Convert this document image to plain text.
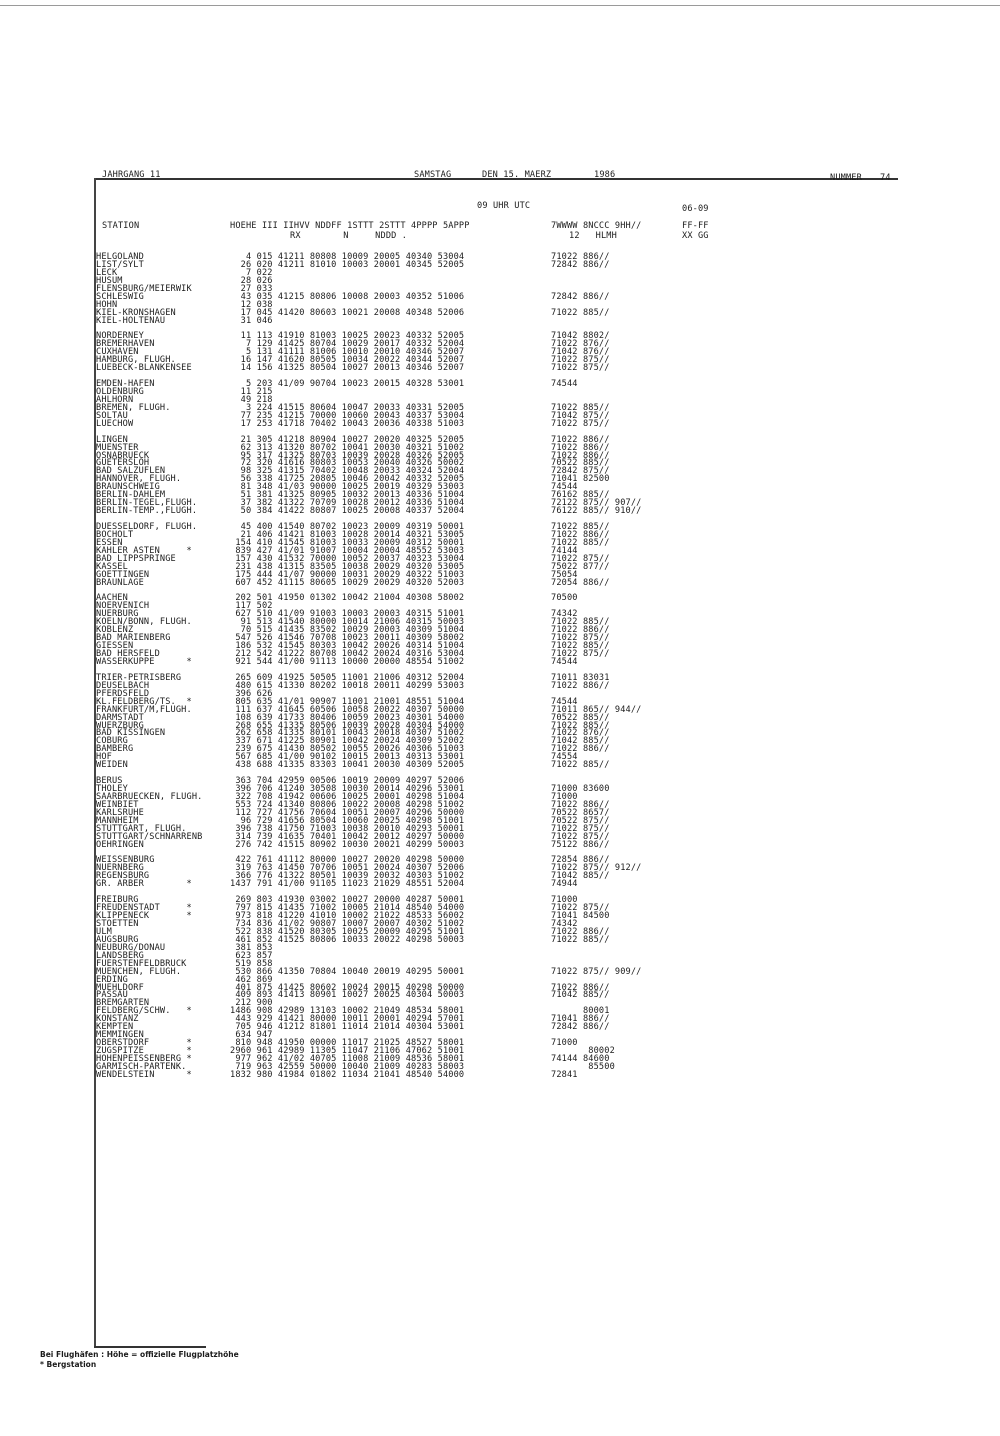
JAHRGANG 11	SAMSTAG	DEN 15. MAERZ	1986	NUMMER 74
09 UHR UTC	06-09
STATION	HOEHE III IIHVV NDDFF 1STTT 2STTT 4PPPP 5APPP
RX        N     NDDD .
7WWWW 8NCCC 9HH//
12   HLMH
FF-FF
XX GG
HELGOLAND	4 015 41211 80808 10009 20005 40340 53004	71022 886//
LIST/SYLT	26 020 41211 81010 10003 20001 40345 52005	72842 886//
LECK	7 022
HUSUM	28 026
FLENSBURG/MEIERWIK	27 033
SCHLESWIG	43 035 41215 80806 10008 20003 40352 51006	72842 886//
HOHN	12 038
KIEL-KRONSHAGEN	17 045 41420 80603 10021 20008 40348 52006	71022 885//
KIEL-HOLTENAU	31 046
NORDERNEY	11 113 41910 81003 10025 20023 40332 52005	71042 8802/
BREMERHAVEN	7 129 41425 80704 10029 20017 40332 52004	71022 876//
CUXHAVEN	5 131 41111 81006 10010 20010 40346 52007	71042 876//
HAMBURG, FLUGH.	16 147 41620 80505 10034 20022 40344 52007	71022 875//
LUEBECK-BLANKENSEE	14 156 41325 80504 10027 20013 40346 52007	71022 875//
EMDEN-HAFEN	5 203 41/09 90704 10023 20015 40328 53001	74544
OLDENBURG	11 215
AHLHORN	49 218
BREMEN, FLUGH.	3 224 41515 80604 10047 20033 40331 52005	71022 885//
SOLTAU	77 235 41215 70000 10060 20043 40337 53004	71042 875//
LUECHOW	17 253 41718 70402 10043 20036 40338 51003	71022 875//
LINGEN	21 305 41218 80904 10027 20020 40325 52005	71022 886//
MUENSTER	62 313 41320 80702 10041 20030 40321 51002	71022 886//
OSNABRUECK	95 317 41325 80703 10039 20028 40326 52005	71022 886//
GUETERSLOH	72 320 41616 80803 10053 20040 40326 50002	70522 885//
BAD SALZUFLEN	98 325 41315 70402 10048 20033 40324 52004	72842 875//
HANNOVER, FLUGH.	56 338 41725 20805 10046 20042 40332 52005	71041 82500
BRAUNSCHWEIG	81 348 41/03 90000 10025 20019 40329 53003	74544
BERLIN-DAHLEM	51 381 41325 80905 10032 20013 40336 51004	76162 885//
BERLIN-TEGEL,FLUGH.	37 382 41322 70709 10028 20012 40336 51004	72122 875// 907//
BERLIN-TEMP.,FLUGH.	50 384 41422 80807 10025 20008 40337 52004	76122 885// 910//
DUESSELDORF, FLUGH.	45 400 41540 80702 10023 20009 40319 50001	71022 885//
BOCHOLT	21 406 41421 81003 10028 20014 40321 53005	71022 886//
ESSEN	154 410 41545 81003 10033 20009 40312 50001	71022 885//
KAHLER ASTEN     *	839 427 41/01 91007 10004 20004 48552 53003	74144
BAD LIPPSPRINGE	157 430 41532 70000 10052 20037 40323 53004	71022 875//
KASSEL	231 438 41315 83505 10038 20029 40320 53005	75022 877//
GOETTINGEN	175 444 41/07 90000 10031 20029 40322 51003	75054
BRAUNLAGE	607 452 41115 80605 10029 20029 40320 52003	72054 886//
AACHEN	202 501 41950 01302 10042 21004 40308 58002	70500
NOERVENICH	117 502
NUERBURG	627 510 41/09 91003 10003 20003 40315 51001	74342
KOELN/BONN, FLUGH.	91 513 41540 80000 10014 21006 40315 50003	71022 885//
KOBLENZ	70 515 41435 83502 10029 20003 40309 51004	71022 886//
BAD MARIENBERG	547 526 41546 70708 10023 20011 40309 58002	71022 875//
GIESSEN	186 532 41545 80303 10042 20026 40314 51004	71022 885//
BAD HERSFELD	212 542 41222 80708 10042 20024 40316 53004	71022 875//
WASSERKUPPE      *	921 544 41/00 91113 10000 20000 48554 51002	74544
TRIER-PETRISBERG	265 609 41925 50505 11001 21006 40312 52004	71011 83031
DEUSELBACH	480 615 41330 80202 10018 20011 40299 53003	71022 886//
PFERDSFELD	396 626
KL.FELDBERG/TS.  *	805 635 41/01 90907 11001 21001 48551 51004	74544
FRANKFURT/M,FLUGH.	111 637 41645 60506 10058 20022 40307 50000	71011 865// 944//
DARMSTADT	108 639 41733 80406 10059 20023 40301 54000	70522 885//
WUERZBURG	268 655 41335 80506 10039 20028 40304 54000	71022 885//
BAD KISSINGEN	262 658 41335 80101 10043 20018 40307 51002	71022 876//
COBURG	337 671 41225 80901 10042 20024 40309 52002	71042 885//
BAMBERG	239 675 41430 80502 10055 20026 40306 51003	71022 886//
HOF	567 685 41/00 90102 10015 20013 40313 53001	74554
WEIDEN	438 688 41335 83303 10041 20030 40309 52005	71022 885//
BERUS	363 704 42959 00506 10019 20009 40297 52006
THOLEY	396 706 41240 30508 10030 20014 40296 53001	71000 83600
SAARBRUECKEN, FLUGH.	322 708 41942 00606 10025 20001 40298 51004	71000
WEINBIET	553 724 41340 80806 10022 20008 40298 51002	71022 886//
KARLSRUHE	112 727 41756 70604 10051 20007 40296 50000	70522 8657/
MANNHEIM	96 729 41656 80504 10060 20025 40298 51001	70522 875//
STUTTGART, FLUGH.	396 738 41750 71003 10038 20010 40293 50001	71022 875//
STUTTGART/SCHNARRENB	314 739 41635 70401 10042 20012 40297 50000	71022 875//
OEHRINGEN	276 742 41515 80902 10030 20021 40299 50003	75122 886//
WEISSENBURG	422 761 41112 80000 10027 20020 40298 50000	72854 886//
NUERNBERG	319 763 41450 70706 10051 20024 40307 52006	71022 875// 912//
REGENSBURG	366 776 41322 80501 10039 20032 40303 51002	71042 885//
GR. ARBER        *	1437 791 41/00 91105 11023 21029 48551 52004	74944
FREIBURG	269 803 41930 03002 10027 20000 40287 50001	71000
FREUDENSTADT     *	797 815 41435 71002 10005 21014 48540 54000	71022 875//
KLIPPENECK       *	973 818 41220 41010 10002 21022 48533 56002	71041 84500
STOETTEN	734 836 41/02 90807 10007 20007 40302 51002	74342
ULM	522 838 41520 80305 10025 20009 40295 51001	71022 886//
AUGSBURG	461 852 41525 80806 10033 20022 40298 50003	71022 885//
NEUBURG/DONAU	381 853
LANDSBERG	623 857
FUERSTENFELDBRUCK	519 858
MUENCHEN, FLUGH.	530 866 41350 70804 10040 20019 40295 50001	71022 875// 909//
ERDING	462 869
MUEHLDORF	401 875 41425 80602 10024 20015 40298 50000	71022 886//
PASSAU	409 893 41413 80901 10027 20025 40304 50003	71042 885//
BREMGARTEN	212 900
FELDBERG/SCHW.   *	1486 908 42989 13103 10002 21049 48534 58001	80001
KONSTANZ	443 929 41421 80000 10011 20001 40294 57001	71041 886//
KEMPTEN	705 946 41212 81801 11014 21014 40304 53001	72842 886//
MEMMINGEN	634 947
OBERSTDORF       *	810 948 41950 00000 11017 21025 48527 58001	71000
ZUGSPITZE        *	2960 961 42989 11305 11047 21106 47062 51001	80002
HOHENPEISSENBERG *	977 962 41/02 40705 11008 21009 48536 58001	74144 84600
GARMISCH-PARTENK.	719 963 42559 50000 10040 21009 40283 58003	85500
WENDELSTEIN      *	1832 980 41984 01802 11034 21041 48540 54000	72841
Bei Flughäfen : Höhe = offizielle Flugplatzhöhe
* Bergstation
